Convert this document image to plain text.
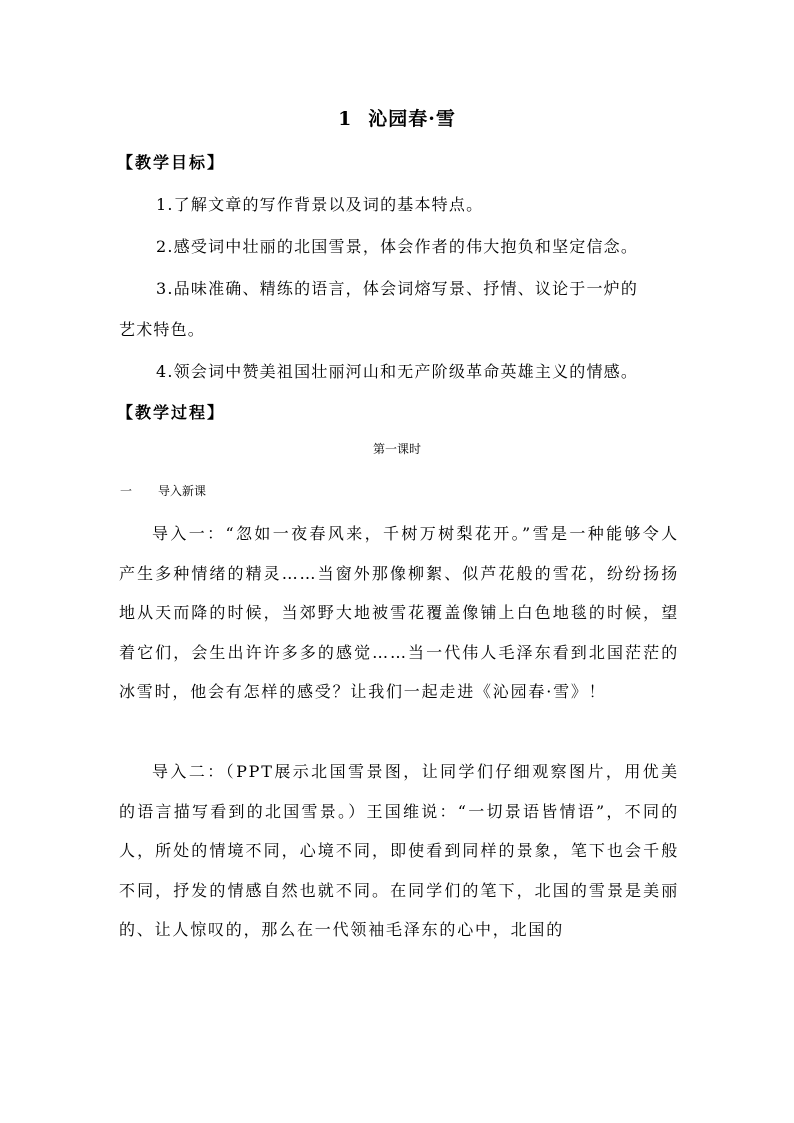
1 沁园春·雪
【教学目标】
1.了解文章的写作背景以及词的基本特点。
2.感受词中壮丽的北国雪景，体会作者的伟大抱负和坚定信念。
3.品味准确、精练的语言，体会词熔写景、抒情、议论于一炉的
艺术特色。
4.领会词中赞美祖国壮丽河山和无产阶级革命英雄主义的情感。
【教学过程】
第一课时
一 导入新课
导入一：“忽如一夜春风来，千树万树梨花开。”雪是一种能够令人产生多种情绪的精灵……当窗外那像柳絮、似芦花般的雪花，纷纷扬扬地从天而降的时候，当郊野大地被雪花覆盖像铺上白色地毯的时候，望着它们，会生出许许多多的感觉……当一代伟人毛泽东看到北国茫茫的冰雪时，他会有怎样的感受？让我们一起走进《沁园春·雪》！
导入二：（PPT展示北国雪景图，让同学们仔细观察图片，用优美的语言描写看到的北国雪景。）王国维说：“一切景语皆情语”，不同的人，所处的情境不同，心境不同，即使看到同样的景象，笔下也会千般不同，抒发的情感自然也就不同。在同学们的笔下，北国的雪景是美丽的、让人惊叹的，那么在一代领袖毛泽东的心中，北国的
